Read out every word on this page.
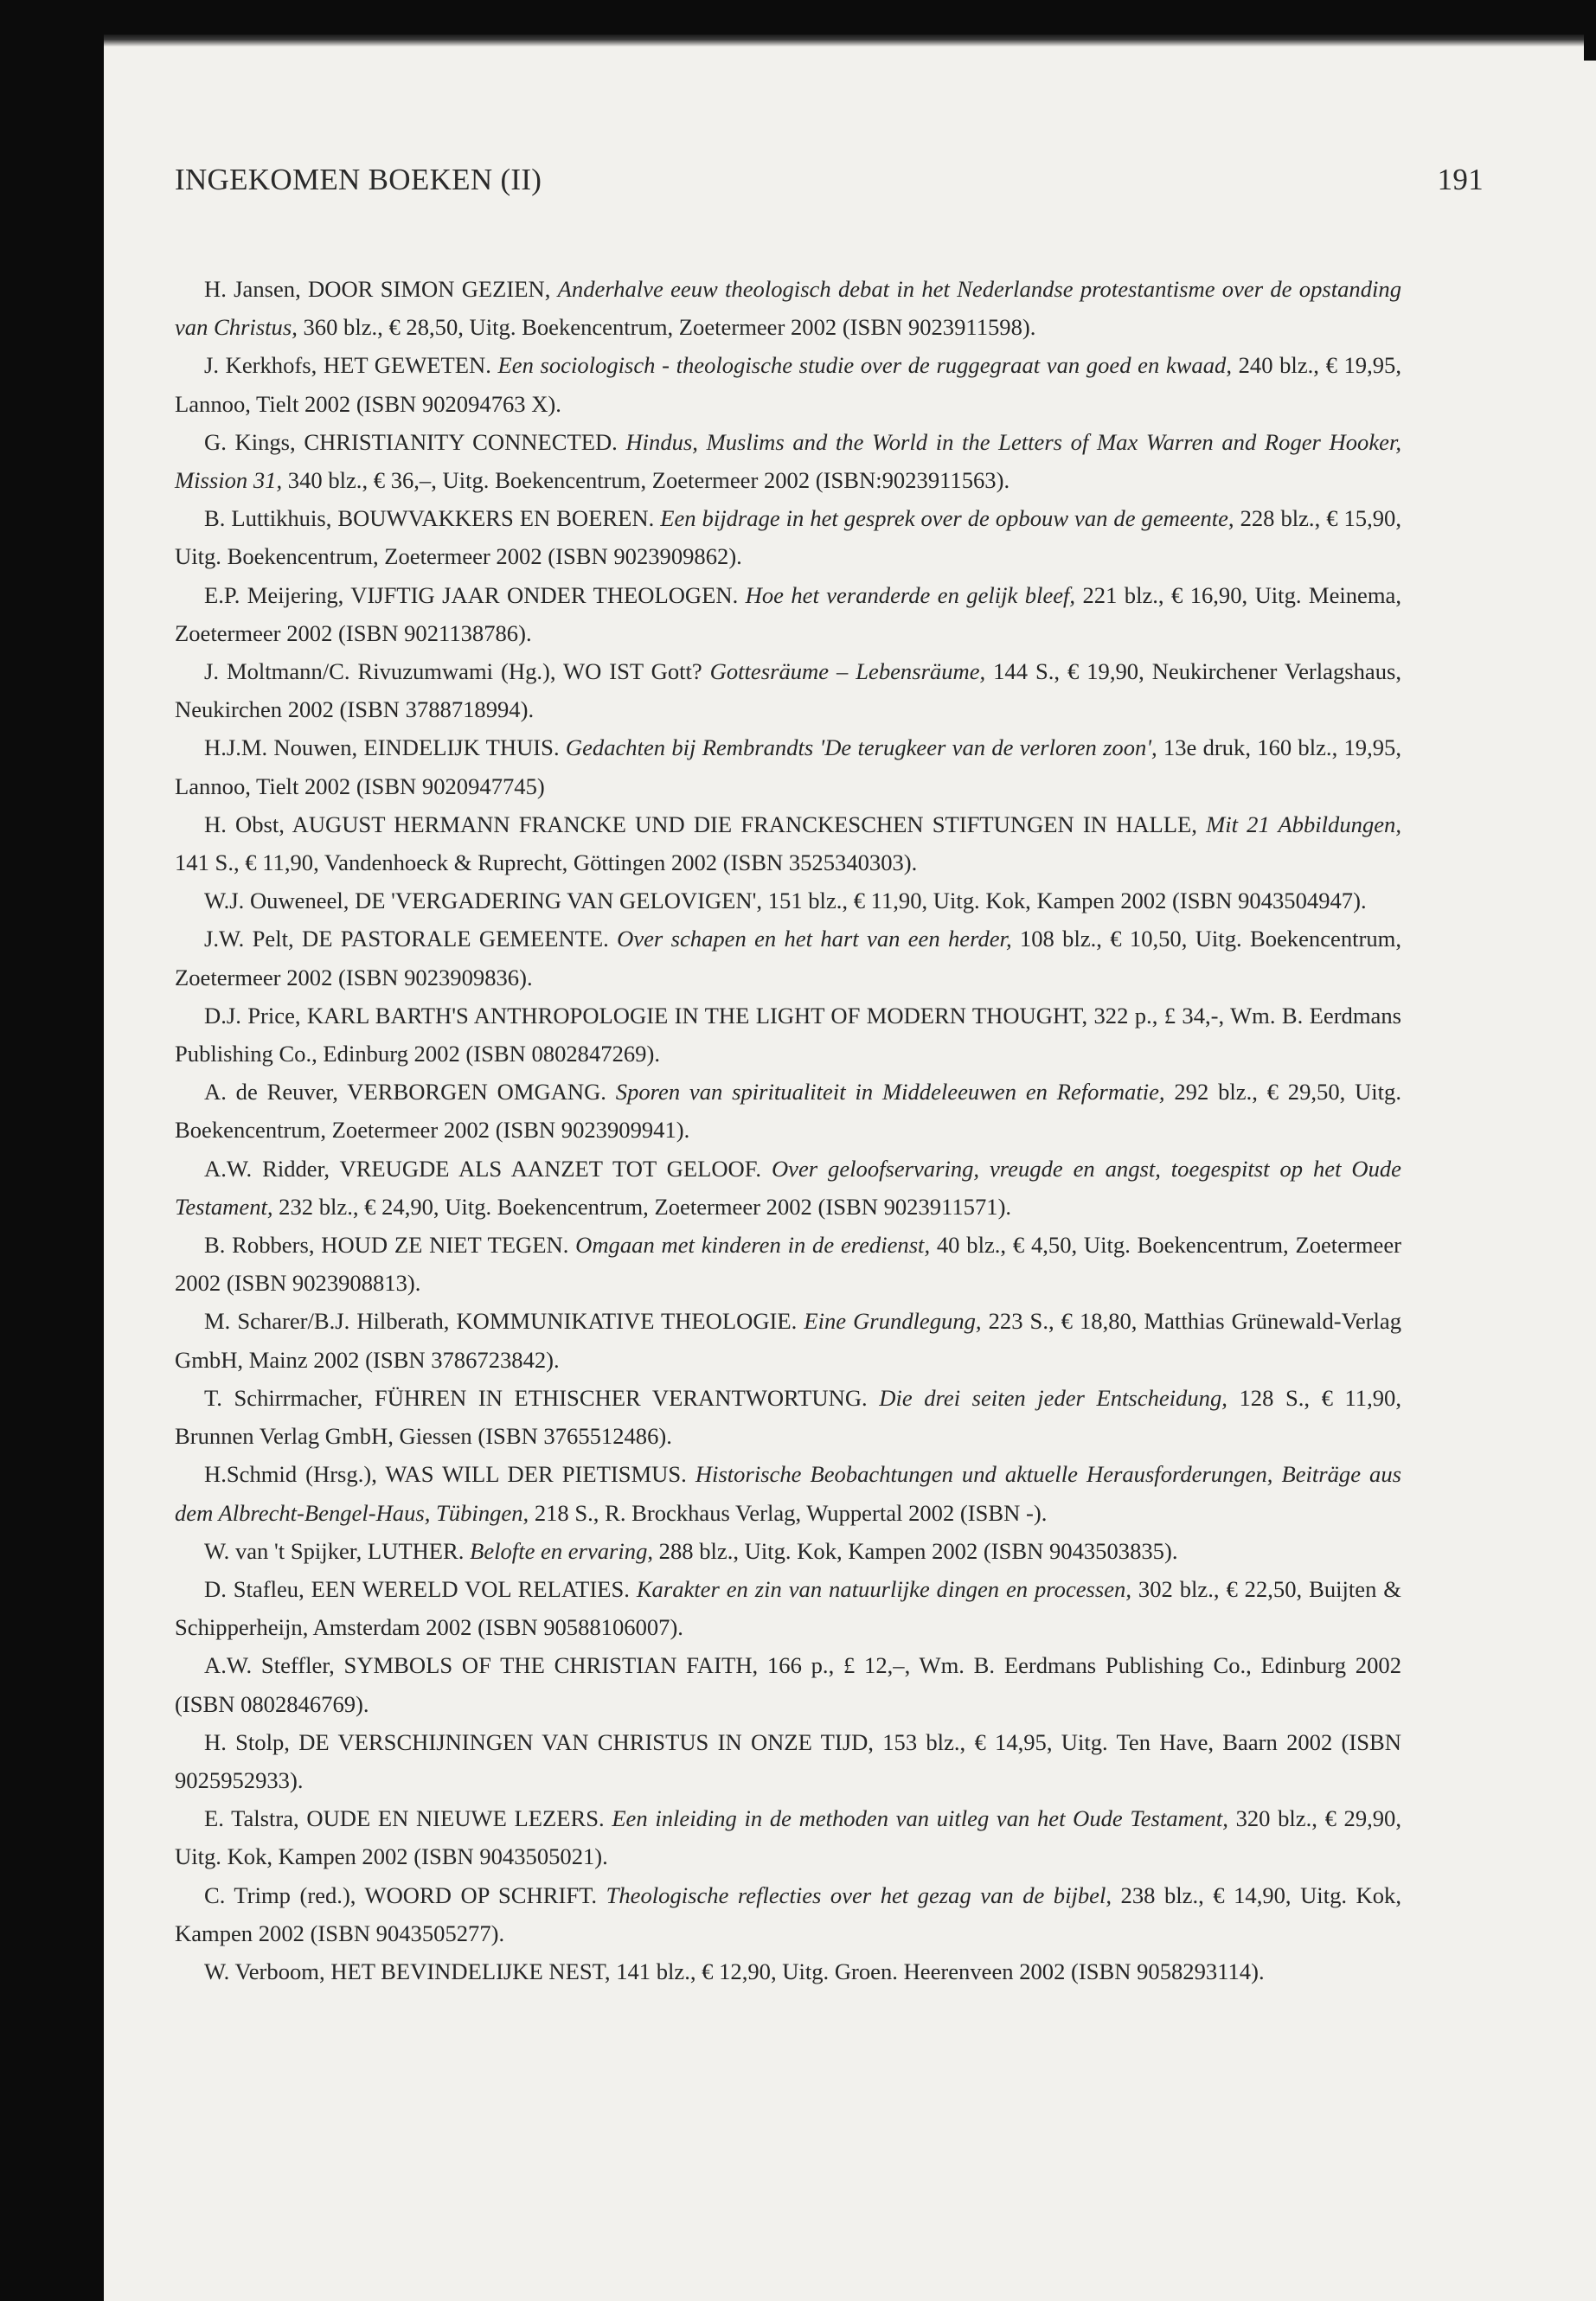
INGEKOMEN BOEKEN (II)	191

H. Jansen, DOOR SIMON GEZIEN, Anderhalve eeuw theologisch debat in het Nederlandse protestantisme over de opstanding van Christus, 360 blz., € 28,50, Uitg. Boekencentrum, Zoetermeer 2002 (ISBN 9023911598).

J. Kerkhofs, HET GEWETEN. Een sociologisch - theologische studie over de ruggegraat van goed en kwaad, 240 blz., € 19,95, Lannoo, Tielt 2002 (ISBN 902094763 X).

G. Kings, CHRISTIANITY CONNECTED. Hindus, Muslims and the World in the Letters of Max Warren and Roger Hooker, Mission 31, 340 blz., € 36,–, Uitg. Boekencentrum, Zoetermeer 2002 (ISBN:9023911563).

B. Luttikhuis, BOUWVAKKERS EN BOEREN. Een bijdrage in het gesprek over de opbouw van de gemeente, 228 blz., € 15,90, Uitg. Boekencentrum, Zoetermeer 2002 (ISBN 9023909862).

E.P. Meijering, VIJFTIG JAAR ONDER THEOLOGEN. Hoe het veranderde en gelijk bleef, 221 blz., € 16,90, Uitg. Meinema, Zoetermeer 2002 (ISBN 9021138786).

J. Moltmann/C. Rivuzumwami (Hg.), WO IST Gott? Gottesräume – Lebensräume, 144 S., € 19,90, Neukirchener Verlagshaus, Neukirchen 2002 (ISBN 3788718994).

H.J.M. Nouwen, EINDELIJK THUIS. Gedachten bij Rembrandts 'De terugkeer van de verloren zoon', 13e druk, 160 blz., 19,95, Lannoo, Tielt 2002 (ISBN 9020947745)

H. Obst, AUGUST HERMANN FRANCKE UND DIE FRANCKESCHEN STIFTUNGEN IN HALLE, Mit 21 Abbildungen, 141 S., € 11,90, Vandenhoeck & Ruprecht, Göttingen 2002 (ISBN 3525340303).

W.J. Ouweneel, DE 'VERGADERING VAN GELOVIGEN', 151 blz., € 11,90, Uitg. Kok, Kampen 2002 (ISBN 9043504947).

J.W. Pelt, DE PASTORALE GEMEENTE. Over schapen en het hart van een herder, 108 blz., € 10,50, Uitg. Boekencentrum, Zoetermeer 2002 (ISBN 9023909836).

D.J. Price, KARL BARTH'S ANTHROPOLOGIE IN THE LIGHT OF MODERN THOUGHT, 322 p., £ 34,-, Wm. B. Eerdmans Publishing Co., Edinburg 2002 (ISBN 0802847269).

A. de Reuver, VERBORGEN OMGANG. Sporen van spiritualiteit in Middeleeuwen en Reformatie, 292 blz., € 29,50, Uitg. Boekencentrum, Zoetermeer 2002 (ISBN 9023909941).

A.W. Ridder, VREUGDE ALS AANZET TOT GELOOF. Over geloofservaring, vreugde en angst, toegespitst op het Oude Testament, 232 blz., € 24,90, Uitg. Boekencentrum, Zoetermeer 2002 (ISBN 9023911571).

B. Robbers, HOUD ZE NIET TEGEN. Omgaan met kinderen in de eredienst, 40 blz., € 4,50, Uitg. Boekencentrum, Zoetermeer 2002 (ISBN 9023908813).

M. Scharer/B.J. Hilberath, KOMMUNIKATIVE THEOLOGIE. Eine Grundlegung, 223 S., € 18,80, Matthias Grünewald-Verlag GmbH, Mainz 2002 (ISBN 3786723842).

T. Schirrmacher, FÜHREN IN ETHISCHER VERANTWORTUNG. Die drei seiten jeder Entscheidung, 128 S., € 11,90, Brunnen Verlag GmbH, Giessen (ISBN 3765512486).

H.Schmid (Hrsg.), WAS WILL DER PIETISMUS. Historische Beobachtungen und aktuelle Herausforderungen, Beiträge aus dem Albrecht-Bengel-Haus, Tübingen, 218 S., R. Brockhaus Verlag, Wuppertal 2002 (ISBN -).

W. van 't Spijker, LUTHER. Belofte en ervaring, 288 blz., Uitg. Kok, Kampen 2002 (ISBN 9043503835).

D. Stafleu, EEN WERELD VOL RELATIES. Karakter en zin van natuurlijke dingen en processen, 302 blz., € 22,50, Buijten & Schipperheijn, Amsterdam 2002 (ISBN 90588106007).

A.W. Steffler, SYMBOLS OF THE CHRISTIAN FAITH, 166 p., £ 12,–, Wm. B. Eerdmans Publishing Co., Edinburg 2002 (ISBN 0802846769).

H. Stolp, DE VERSCHIJNINGEN VAN CHRISTUS IN ONZE TIJD, 153 blz., € 14,95, Uitg. Ten Have, Baarn 2002 (ISBN 9025952933).

E. Talstra, OUDE EN NIEUWE LEZERS. Een inleiding in de methoden van uitleg van het Oude Testament, 320 blz., € 29,90, Uitg. Kok, Kampen 2002 (ISBN 9043505021).

C. Trimp (red.), WOORD OP SCHRIFT. Theologische reflecties over het gezag van de bijbel, 238 blz., € 14,90, Uitg. Kok, Kampen 2002 (ISBN 9043505277).

W. Verboom, HET BEVINDELIJKE NEST, 141 blz., € 12,90, Uitg. Groen. Heerenveen 2002 (ISBN 9058293114).
